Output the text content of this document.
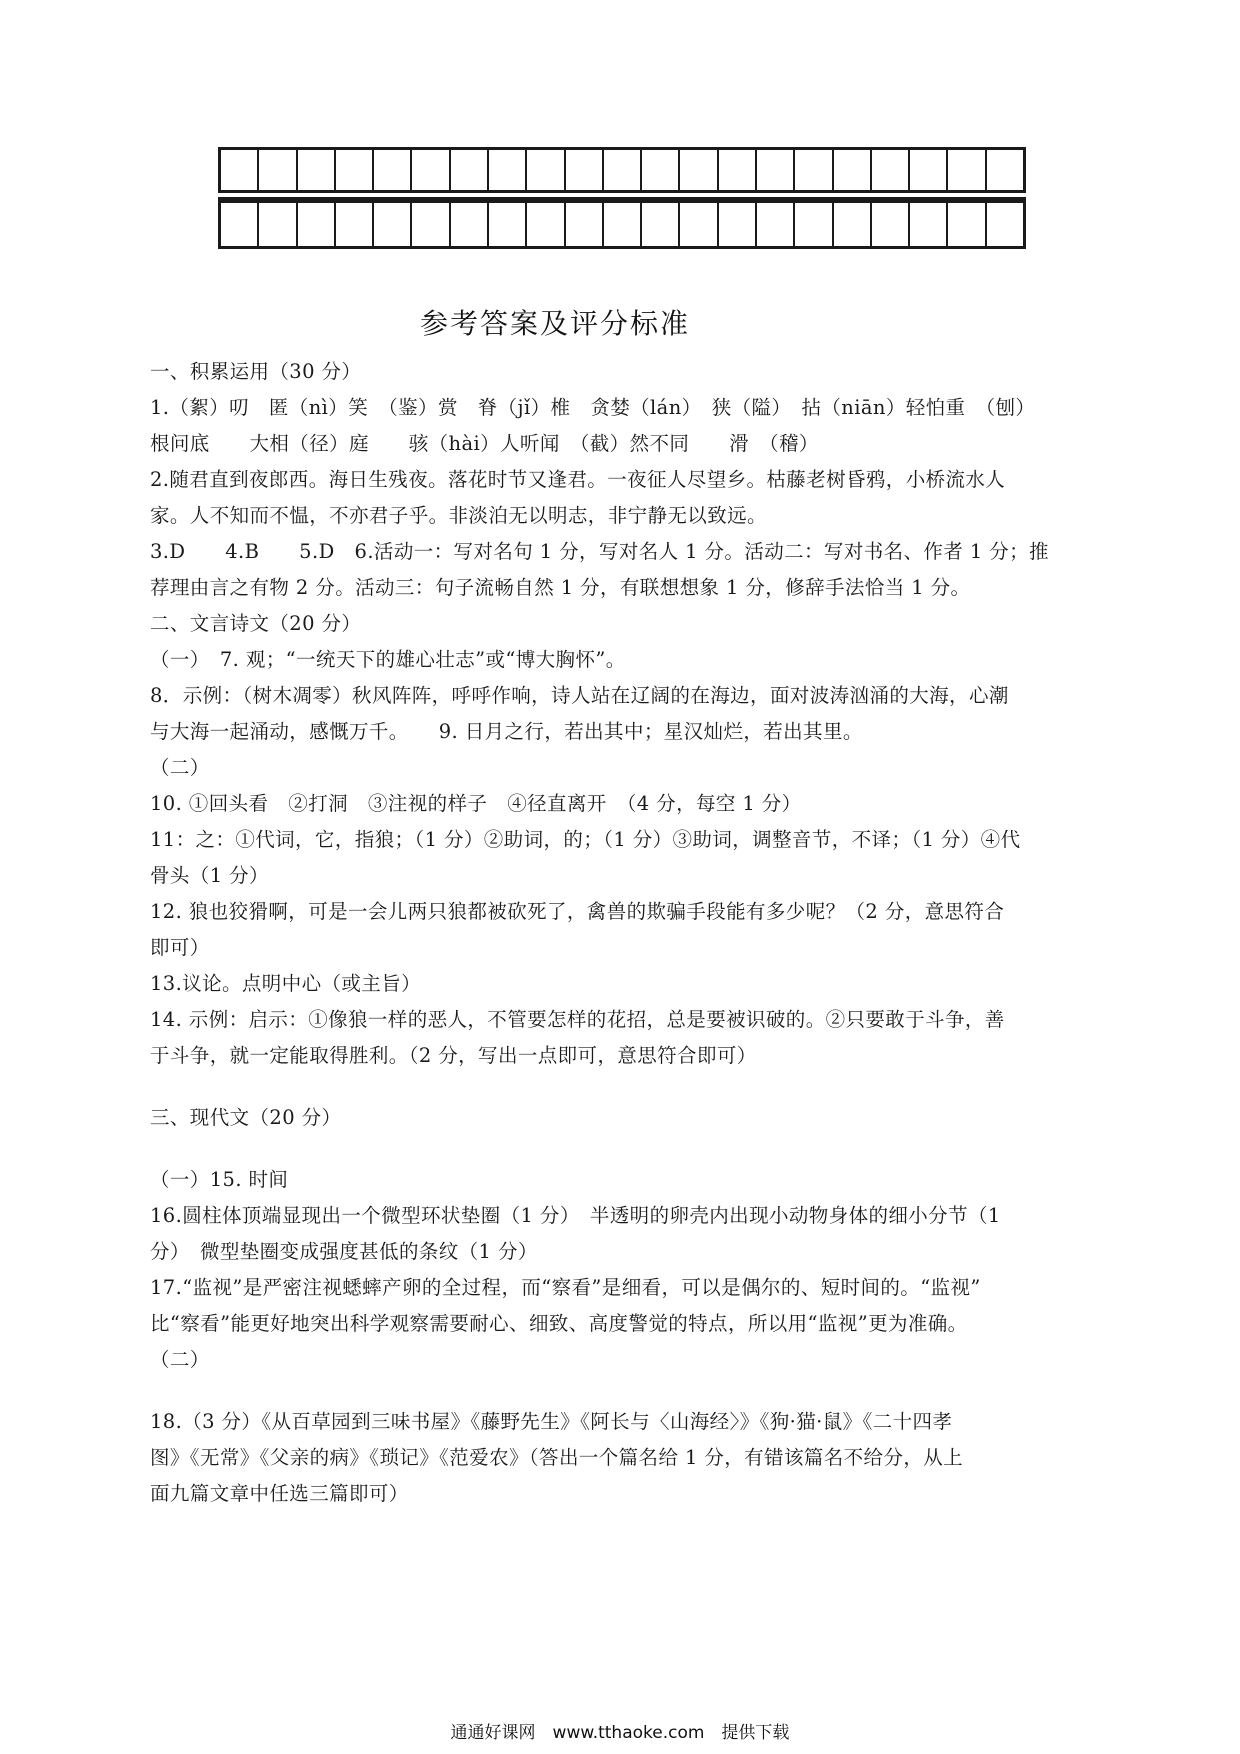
参考答案及评分标准
一、积累运用（30 分）
1.（絮）叨　匿（nì）笑　（鉴）赏　脊（jǐ）椎　贪婪（lán）　狭（隘）　拈（niān）轻怕重　（刨）
根问底　　大相（径）庭　　骇（hài）人听闻　（截）然不同　　滑　（稽）
2.随君直到夜郎西。海日生残夜。落花时节又逢君。一夜征人尽望乡。枯藤老树昏鸦，小桥流水人
家。人不知而不愠，不亦君子乎。非淡泊无以明志，非宁静无以致远。
3.D　　4.B　　5.D　6.活动一：写对名句 1 分，写对名人 1 分。活动二：写对书名、作者 1 分；推
荐理由言之有物 2 分。活动三：句子流畅自然 1 分，有联想想象 1 分，修辞手法恰当 1 分。
二、文言诗文（20 分）
（一）　7. 观；“一统天下的雄心壮志”或“博大胸怀”。
8．示例：（树木凋零）秋风阵阵，呼呼作响，诗人站在辽阔的在海边，面对波涛汹涌的大海，心潮
与大海一起涌动，感慨万千。　　9. 日月之行，若出其中；星汉灿烂，若出其里。
（二）
10. ①回头看　②打洞　③注视的样子　④径直离开　（4 分，每空 1 分）
11：之：①代词，它，指狼；（1 分）②助词，的；（1 分）③助词，调整音节，不译；（1 分）④代
骨头（1 分）
12. 狼也狡猾啊，可是一会儿两只狼都被砍死了，禽兽的欺骗手段能有多少呢？（2 分，意思符合
即可）
13.议论。点明中心（或主旨）
14. 示例：启示：①像狼一样的恶人，不管要怎样的花招，总是要被识破的。②只要敢于斗争，善
于斗争，就一定能取得胜利。（2 分，写出一点即可，意思符合即可）
三、现代文（20 分）
（一）15. 时间
16.圆柱体顶端显现出一个微型环状垫圈（1 分）　半透明的卵壳内出现小动物身体的细小分节（1
分）　微型垫圈变成强度甚低的条纹（1 分）
17.“监视”是严密注视蟋蟀产卵的全过程，而“察看”是细看，可以是偶尔的、短时间的。“监视”
比“察看”能更好地突出科学观察需要耐心、细致、高度警觉的特点，所以用“监视”更为准确。
（二）
18.（3 分）《从百草园到三味书屋》《藤野先生》《阿长与〈山海经〉》《狗·猫·鼠》《二十四孝
图》《无常》《父亲的病》《琐记》《范爱农》（答出一个篇名给 1 分，有错该篇名不给分，从上
面九篇文章中任选三篇即可）
通通好课网　www.tthaoke.com　提供下载
